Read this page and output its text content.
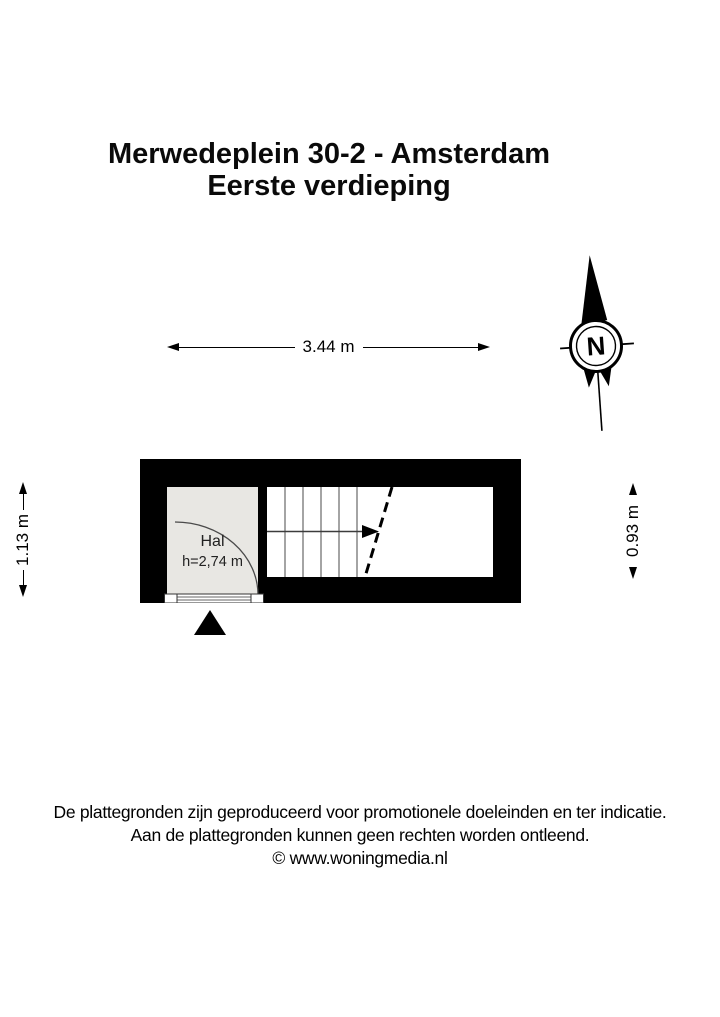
Merwedeplein 30-2 - Amsterdam
Eerste verdieping
N
3.44 m
1.13 m	0.93 m
Hal
h=2,74 m
De plattegronden zijn geproduceerd voor promotionele doeleinden en ter indicatie.
Aan de plattegronden kunnen geen rechten worden ontleend.
© www.woningmedia.nl
